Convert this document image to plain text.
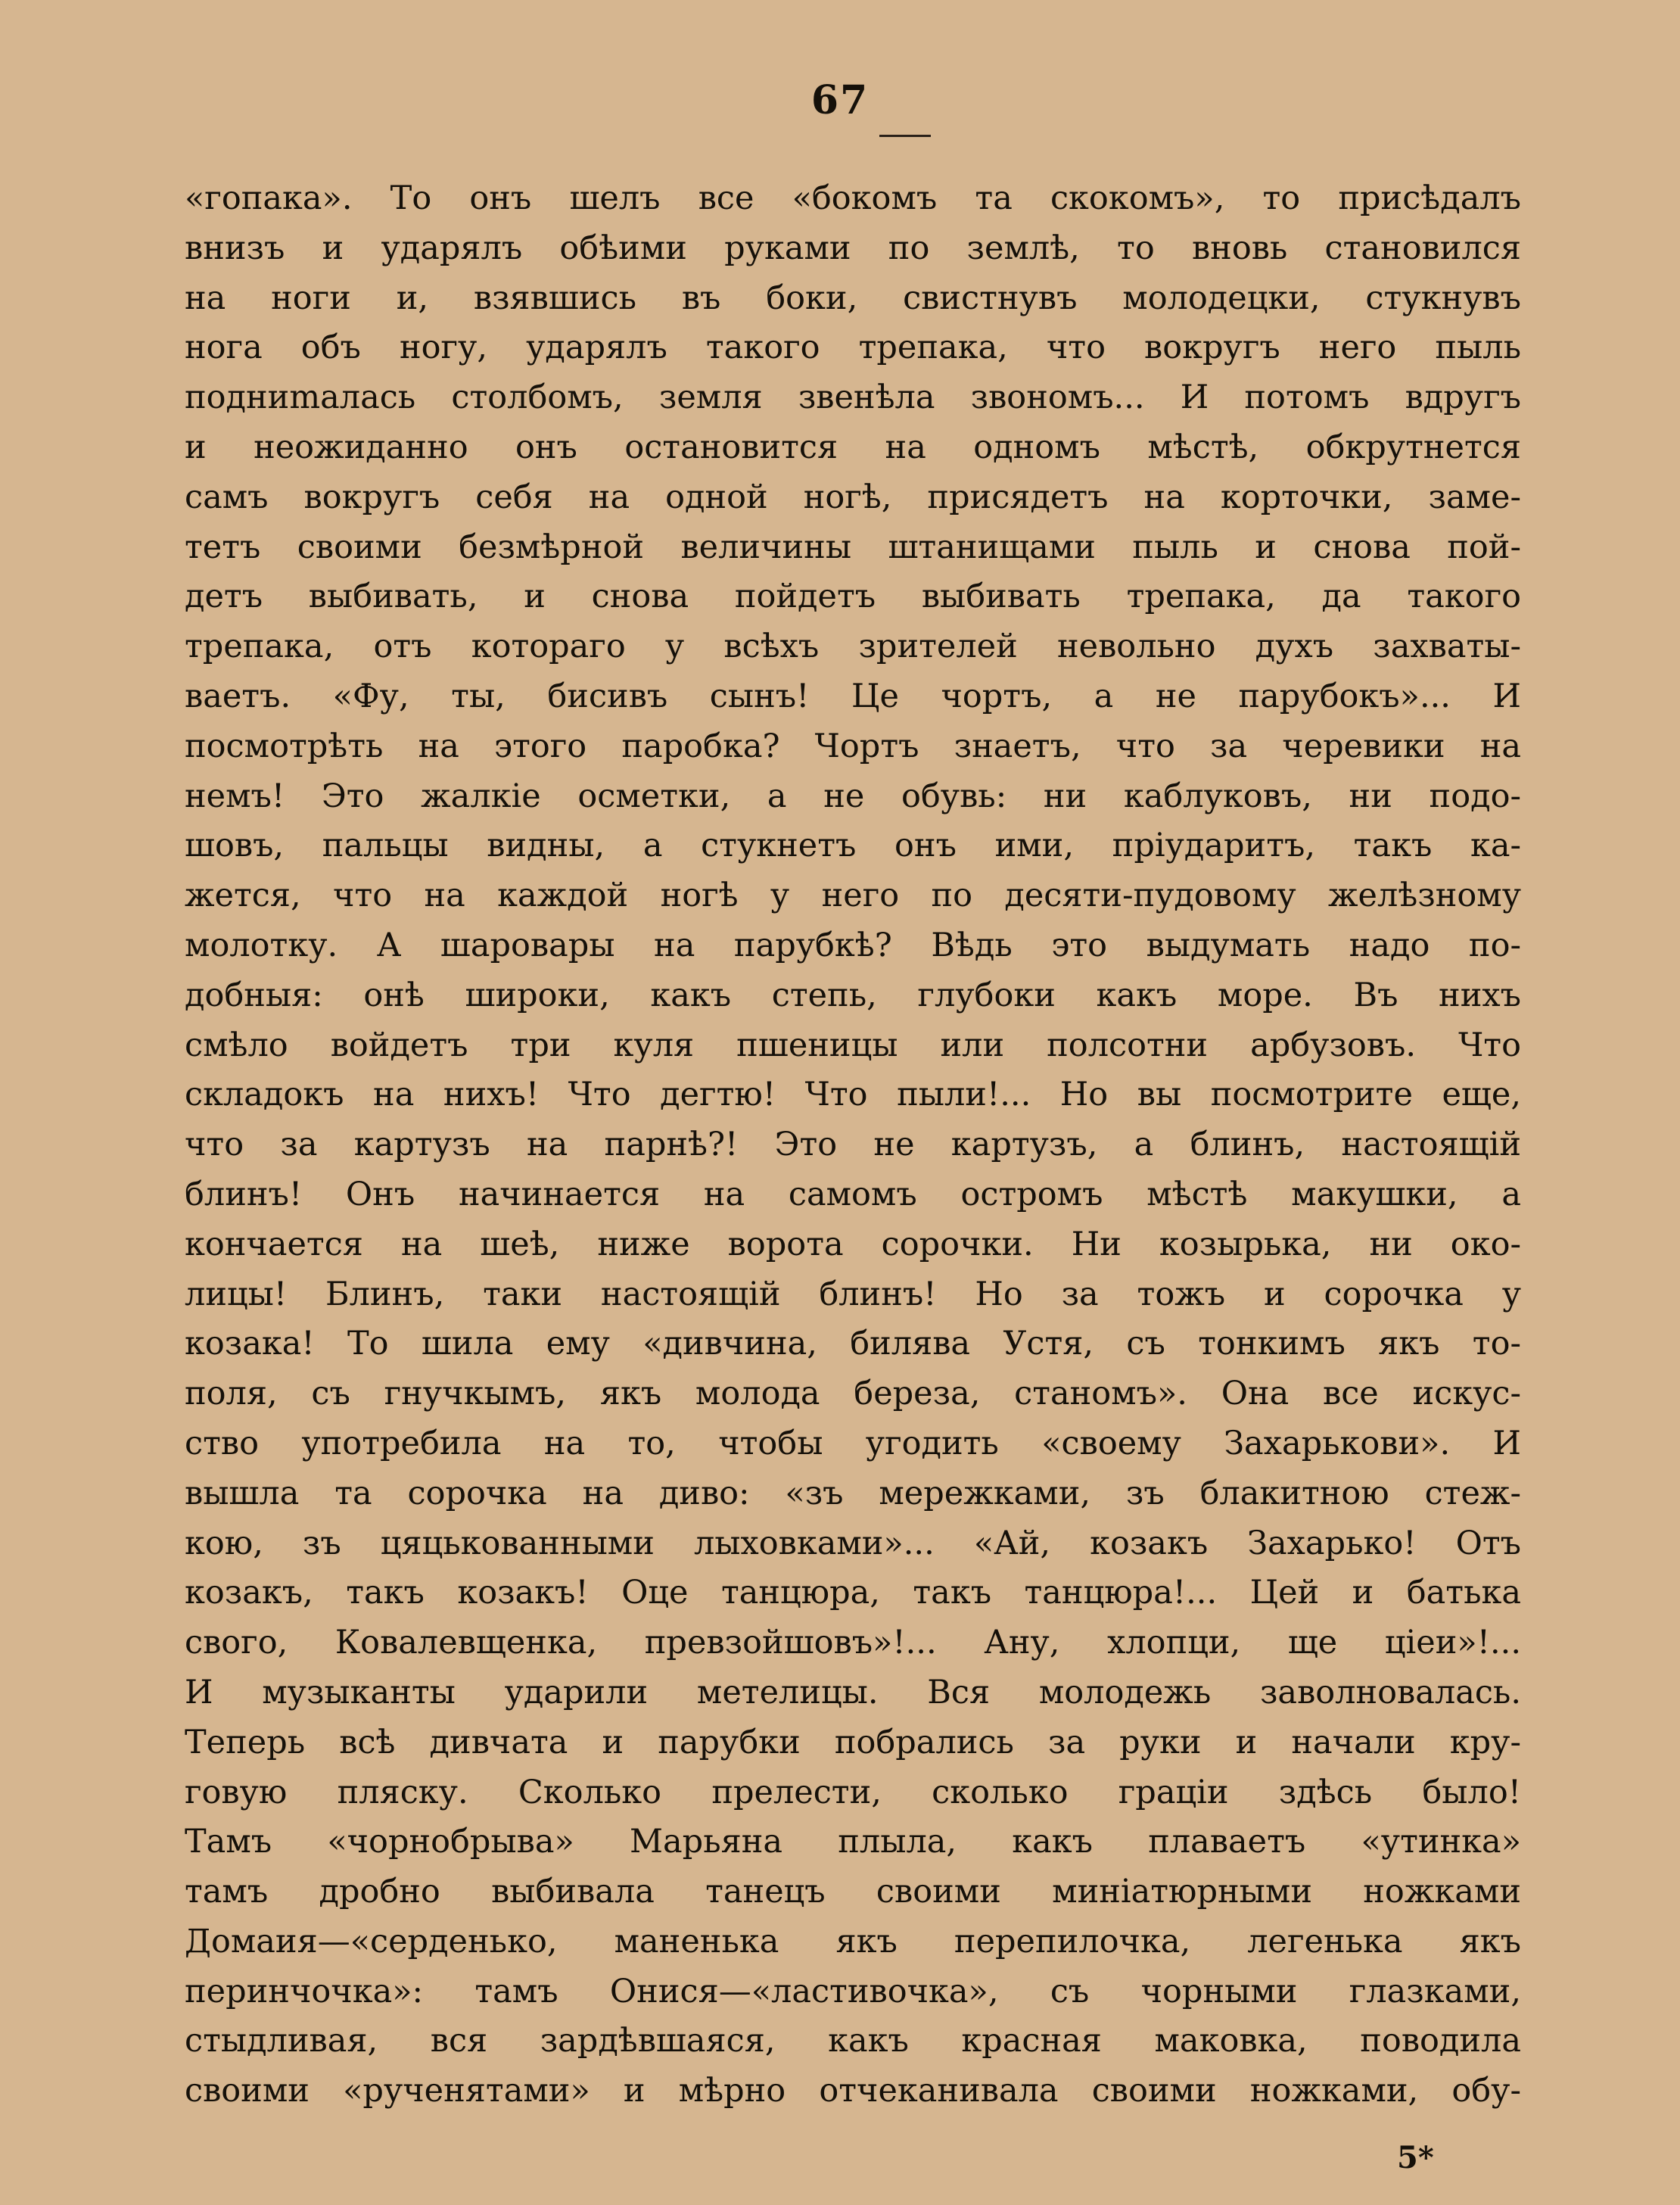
67
«гопака». То онъ шелъ все «бокомъ та скокомъ», то присѣдалъ
внизъ и ударялъ обѣими руками по землѣ, то вновь становился
на ноги и, взявшись въ боки, свистнувъ молодецки, стукнувъ
нога объ ногу, ударялъ такого трепака, что вокругъ него пыль
подниmалась столбомъ, земля звенѣла звономъ... И потомъ вдругъ
и неожиданно онъ остановится на одномъ мѣстѣ, обкрутнется
самъ вокругъ себя на одной ногѣ, присядетъ на корточки, заме-
тетъ своими безмѣрной величины штанищами пыль и снова пой-
детъ выбивать, и снова пойдетъ выбивать трепака, да такого
трепака, отъ котораго у всѣхъ зрителей невольно духъ захваты-
ваетъ. «Фу, ты, бисивъ сынъ! Це чортъ, а не парубокъ»... И
посмотрѣть на этого паробка? Чортъ знаетъ, что за черевики на
немъ! Это жалкіе осметки, а не обувь: ни каблуковъ, ни подо-
шовъ, пальцы видны, а стукнетъ онъ ими, пріударитъ, такъ ка-
жется, что на каждой ногѣ у него по десяти-пудовому желѣзному
молотку. А шаровары на парубкѣ? Вѣдь это выдумать надо по-
добныя: онѣ широки, какъ степь, глубоки какъ море. Въ нихъ
смѣло войдетъ три куля пшеницы или полсотни арбузовъ. Что
складокъ на нихъ! Что дегтю! Что пыли!... Но вы посмотрите еще,
что за картузъ на парнѣ?! Это не картузъ, а блинъ, настоящій
блинъ! Онъ начинается на самомъ остромъ мѣстѣ макушки, а
кончается на шеѣ, ниже ворота сорочки. Ни козырька, ни око-
лицы! Блинъ, таки настоящій блинъ! Но за тожъ и сорочка у
козака! То шила ему «дивчина, билява Устя, съ тонкимъ якъ то-
поля, съ гнучкымъ, якъ молода береза, станомъ». Она все искус-
ство употребила на то, чтобы угодить «своему Захарькови». И
вышла та сорочка на диво: «зъ мережками, зъ блакитною стеж-
кою, зъ цяцькованными лыховками»... «Ай, козакъ Захарько! Отъ
козакъ, такъ козакъ! Оце танцюра, такъ танцюра!... Цей и батька
свого, Ковалевщенка, превзойшовъ»!... Ану, хлопци, ще цiеи»!...
И музыканты ударили метелицы. Вся молодежь заволновалась.
Теперь всѣ дивчата и парубки побрались за руки и начали кру-
говую пляску. Сколько прелести, сколько граціи здѣсь было!
Тамъ «чорнобрыва» Марьяна плыла, какъ плаваетъ «утинка»
тамъ дробно выбивала танецъ своими миніатюрными ножками
Домаия—«серденько, маненька якъ перепилочка, легенька якъ
перинчочка»: тамъ Онися—«ластивочка», съ чорными глазками,
стыдливая, вся зардѣвшаяся, какъ красная маковка, поводила
своими «рученятами» и мѣрно отчеканивала своими ножками, обу-
5*
